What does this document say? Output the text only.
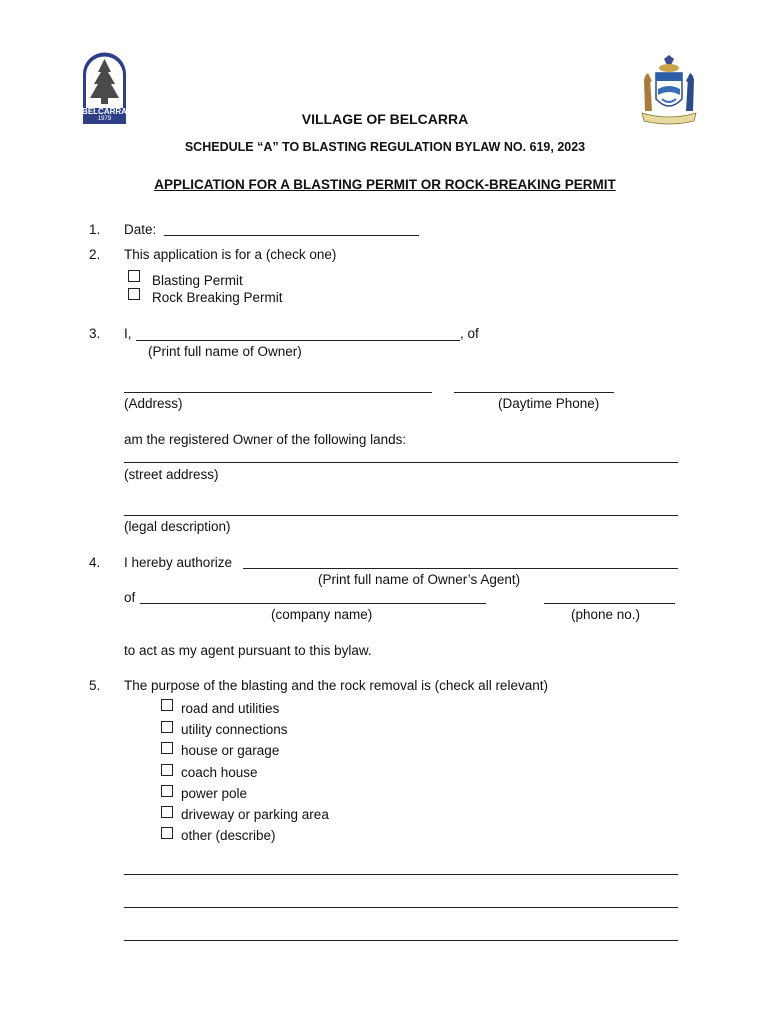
BELCARRA
1979	VILLAGE OF BELCARRA
SCHEDULE “A” TO BLASTING REGULATION BYLAW NO. 619, 2023
APPLICATION FOR A BLASTING PERMIT OR ROCK-BREAKING PERMIT
1. Date:
2. This application is for a (check one)
Blasting Permit
Rock Breaking Permit
3. I,	, of
(Print full name of Owner)
(Address)	(Daytime Phone)
am the registered Owner of the following lands:
(street address)
(legal description)
4. I hereby authorize
(Print full name of Owner’s Agent)
of
(company name)	(phone no.)
to act as my agent pursuant to this bylaw.
5. The purpose of the blasting and the rock removal is (check all relevant)
road and utilities
utility connections
house or garage
coach house
power pole
driveway or parking area
other (describe)
